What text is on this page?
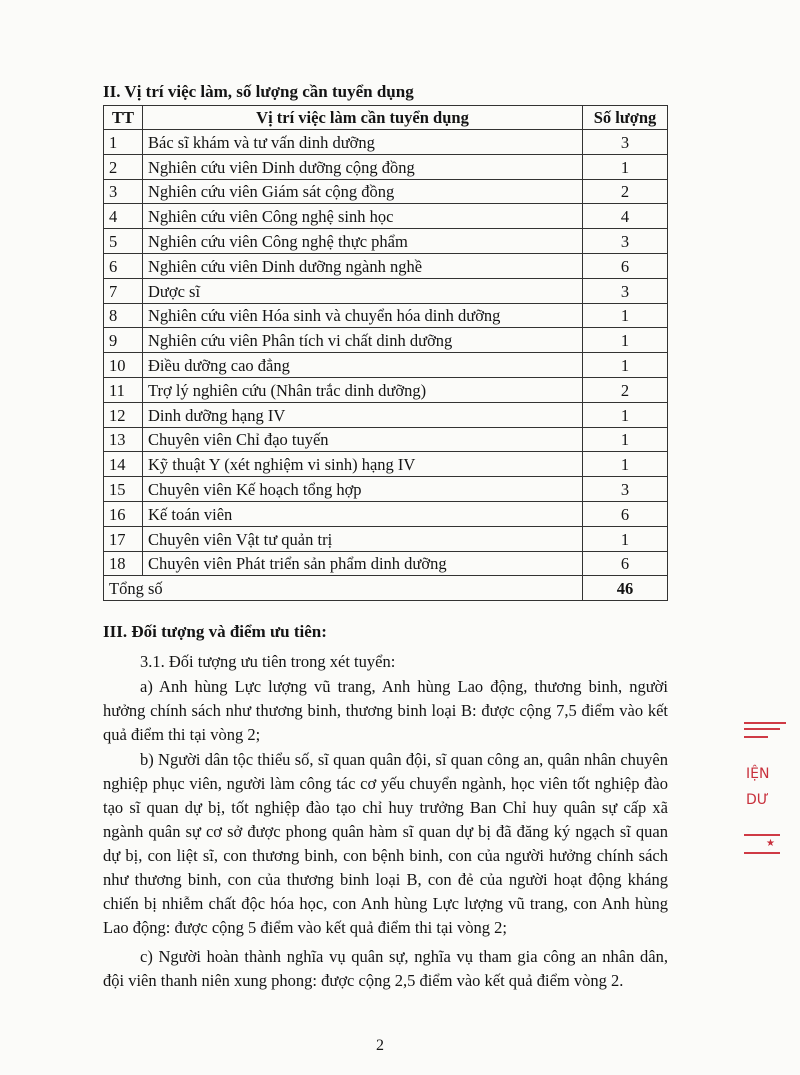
II. Vị trí việc làm, số lượng cần tuyển dụng
TT	Vị trí việc làm cần tuyển dụng	Số lượng
1	Bác sĩ khám và tư vấn dinh dưỡng	3
2	Nghiên cứu viên Dinh dưỡng cộng đồng	1
3	Nghiên cứu viên Giám sát cộng đồng	2
4	Nghiên cứu viên Công nghệ sinh học	4
5	Nghiên cứu viên Công nghệ thực phẩm	3
6	Nghiên cứu viên Dinh dưỡng ngành nghề	6
7	Dược sĩ	3
8	Nghiên cứu viên Hóa sinh và chuyển hóa dinh dưỡng	1
9	Nghiên cứu viên Phân tích vi chất dinh dưỡng	1
10	Điều dưỡng cao đẳng	1
11	Trợ lý nghiên cứu (Nhân trắc dinh dưỡng)	2
12	Dinh dưỡng hạng IV	1
13	Chuyên viên Chỉ đạo tuyến	1
14	Kỹ thuật Y (xét nghiệm vi sinh) hạng IV	1
15	Chuyên viên Kế hoạch tổng hợp	3
16	Kế toán viên	6
17	Chuyên viên Vật tư quản trị	1
18	Chuyên viên Phát triển sản phẩm dinh dưỡng	6
Tổng số		46
III. Đối tượng và điểm ưu tiên:
3.1. Đối tượng ưu tiên trong xét tuyển:
a) Anh hùng Lực lượng vũ trang, Anh hùng Lao động, thương binh, người hưởng chính sách như thương binh, thương binh loại B: được cộng 7,5 điểm vào kết quả điểm thi tại vòng 2;
b) Người dân tộc thiểu số, sĩ quan quân đội, sĩ quan công an, quân nhân chuyên nghiệp phục viên, người làm công tác cơ yếu chuyển ngành, học viên tốt nghiệp đào tạo sĩ quan dự bị, tốt nghiệp đào tạo chỉ huy trưởng Ban Chỉ huy quân sự cấp xã ngành quân sự cơ sở được phong quân hàm sĩ quan dự bị đã đăng ký ngạch sĩ quan dự bị, con liệt sĩ, con thương binh, con bệnh binh, con của người hưởng chính sách như thương binh, con của thương binh loại B, con đẻ của người hoạt động kháng chiến bị nhiễm chất độc hóa học, con Anh hùng Lực lượng vũ trang, con Anh hùng Lao động: được cộng 5 điểm vào kết quả điểm thi tại vòng 2;
c) Người hoàn thành nghĩa vụ quân sự, nghĩa vụ tham gia công an nhân dân, đội viên thanh niên xung phong: được cộng 2,5 điểm vào kết quả điểm vòng 2.
2
IỆN
DƯ
★
